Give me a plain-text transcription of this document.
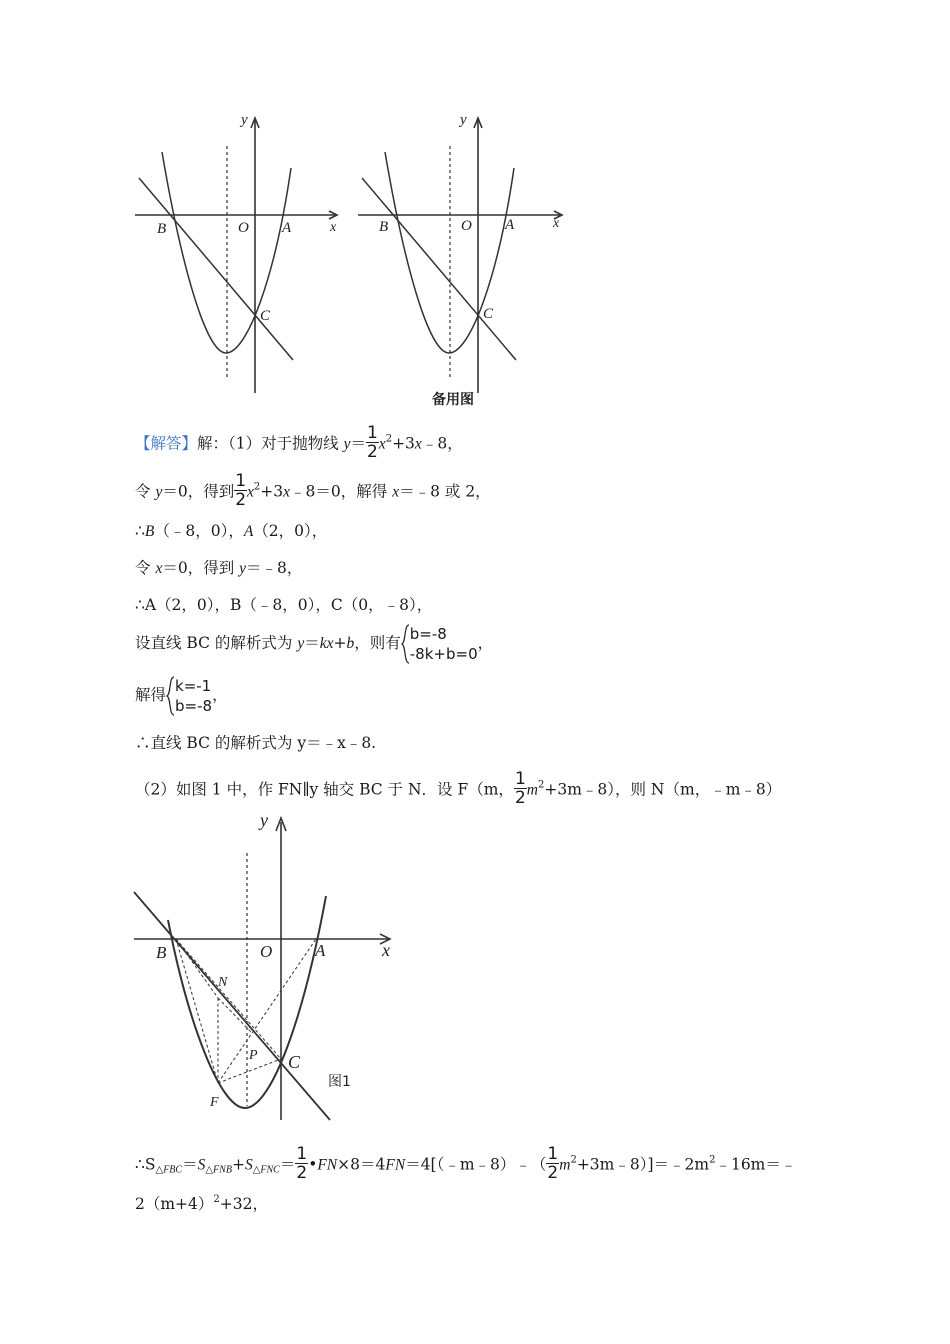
y
x
B	O A
C
y
x
B	O A
C
备用图
【解答】解：（1）对于抛物线 $y= \frac{1}{2}$ $x^2+3x﹣8$，
令 y＝0，得到 $\frac{1}{2}$ $x^2+3x﹣8=0$，解得 x＝﹣8 或 2，
∴B（﹣8，0），A（2，0），
令 x＝0，得到 y＝﹣8，
∴A（2，0），B（﹣8，0），C（0，﹣8），
设直线 BC 的解析式为 y＝kx+b，则有 b=-8
-8k+b=0
，
解得 k=-1
b=-8
，
∴直线 BC 的解析式为 y＝﹣x﹣8.
（2）如图 1 中，作 FN∥y 轴交 BC 于 N．设 F（m， $\frac{1}{2}$ $m^2+3m﹣8$），则 N（m，﹣m﹣8）
x
y
B	O	A
C
N
P
F
图1
$\therefore S_{\triangle FBC}=S_{\triangle FNB}+S_{\triangle FNC}= \frac{1}{2}$ •FN×8＝4FN＝4[（﹣m﹣8）﹣（ $\frac{1}{2}$ $m^2+3m﹣8)]=﹣2m^2﹣16m=﹣$
$2(m+4)^2+32$，
